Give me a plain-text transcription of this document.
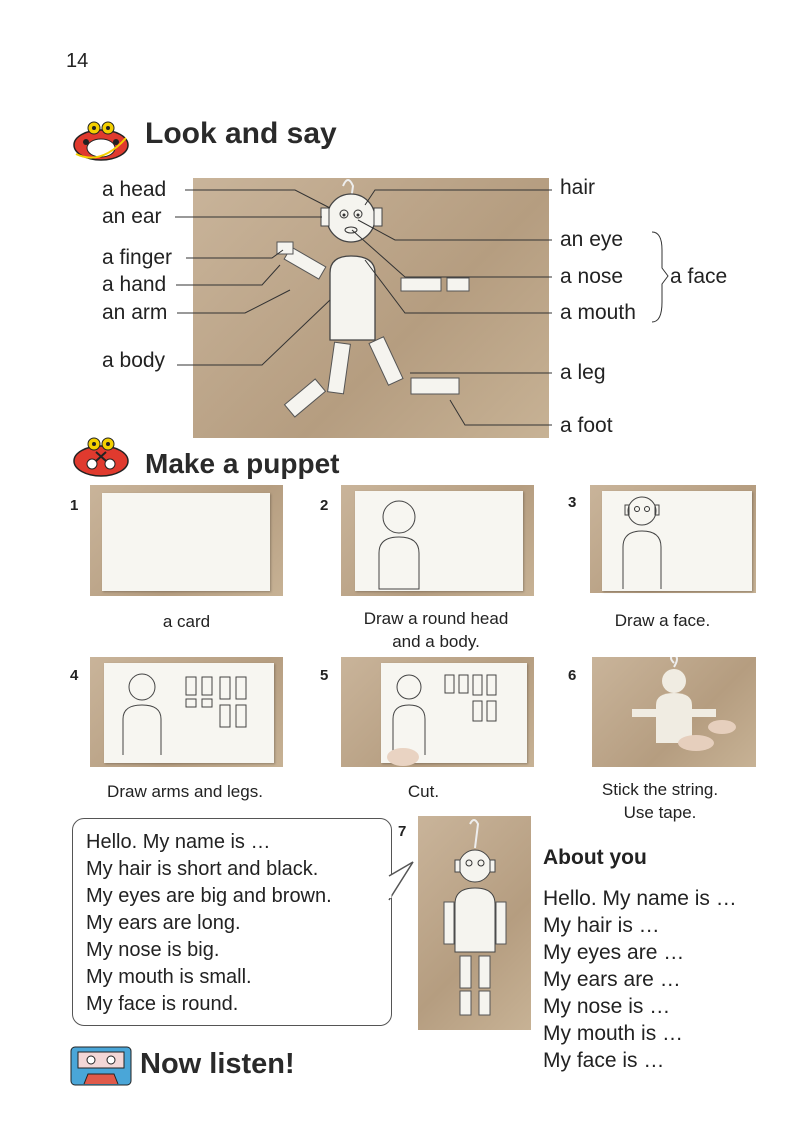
14
Look and say
a head
an ear
a finger
a hand
an arm
a body
hair
an eye
a nose
a mouth
a leg
a foot
a face
Make a puppet
1
a card
2
Draw a round head
and a body.
3
Draw a face.
4
Draw arms and legs.
5
Cut.
6
Stick the string.
Use tape.
Hello. My name is …
My hair is short and black.
My eyes are big and brown.
My ears are long.
My nose is big.
My mouth is small.
My face is round.
7
About you
Hello. My name is …
My hair is …
My eyes are …
My ears are …
My nose is …
My mouth is …
My face is …
Now listen!
